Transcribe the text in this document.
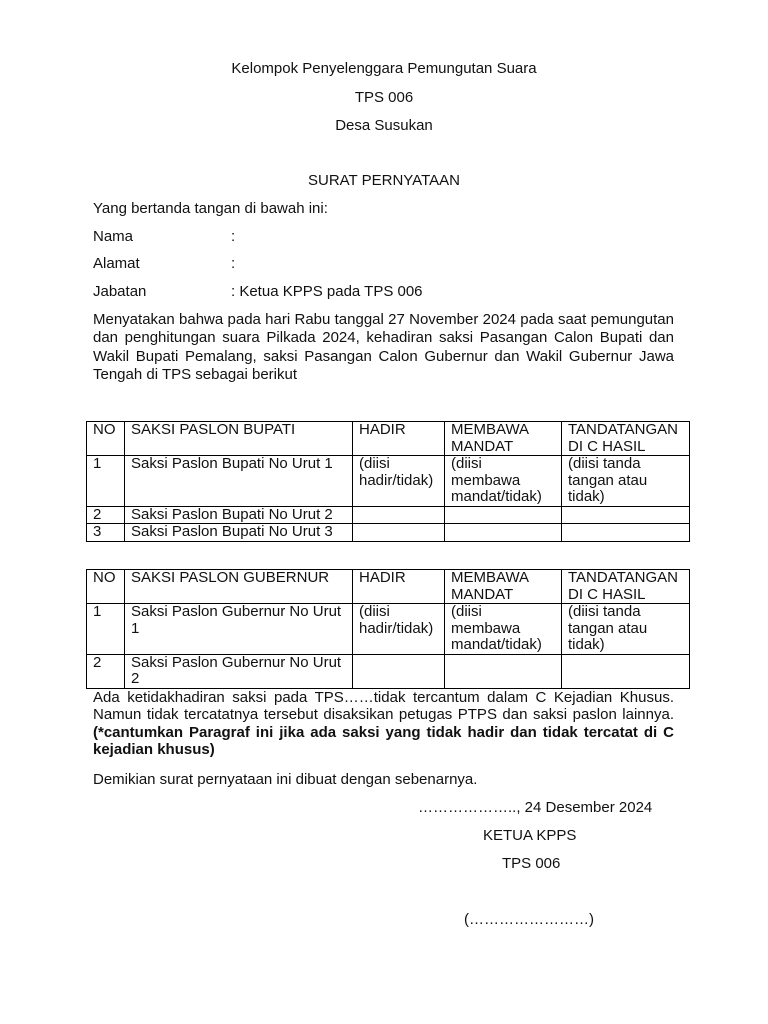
Kelompok Penyelenggara Pemungutan Suara
TPS 006
Desa Susukan
SURAT PERNYATAAN
Yang bertanda tangan di bawah ini:
Nama	:
Alamat	:
Jabatan	: Ketua KPPS pada TPS 006
Menyatakan bahwa pada hari Rabu tanggal 27 November 2024 pada saat pemungutan dan penghitungan suara Pilkada 2024, kehadiran saksi Pasangan Calon Bupati dan Wakil Bupati Pemalang, saksi Pasangan Calon Gubernur dan Wakil Gubernur Jawa Tengah di TPS sebagai berikut
NO	SAKSI PASLON BUPATI	HADIR	MEMBAWA MANDAT	TANDATANGAN DI C HASIL
1	Saksi Paslon Bupati No Urut 1	(diisi hadir/tidak)	(diisi membawa mandat/tidak)	(diisi tanda tangan atau tidak)
2	Saksi Paslon Bupati No Urut 2			
3	Saksi Paslon Bupati No Urut 3			
NO	SAKSI PASLON GUBERNUR	HADIR	MEMBAWA MANDAT	TANDATANGAN DI C HASIL
1	Saksi Paslon Gubernur No Urut 1	(diisi hadir/tidak)	(diisi membawa mandat/tidak)	(diisi tanda tangan atau tidak)
2	Saksi Paslon Gubernur No Urut 2			
Ada ketidakhadiran saksi pada TPS……tidak tercantum dalam C Kejadian Khusus. Namun tidak tercatatnya tersebut disaksikan petugas PTPS dan saksi paslon lainnya. (*cantumkan Paragraf ini jika ada saksi yang tidak hadir dan tidak tercatat di C kejadian khusus)
Demikian surat pernyataan ini dibuat dengan sebenarnya.
……………….., 24 Desember 2024
KETUA KPPS
TPS 006
(……………………)
